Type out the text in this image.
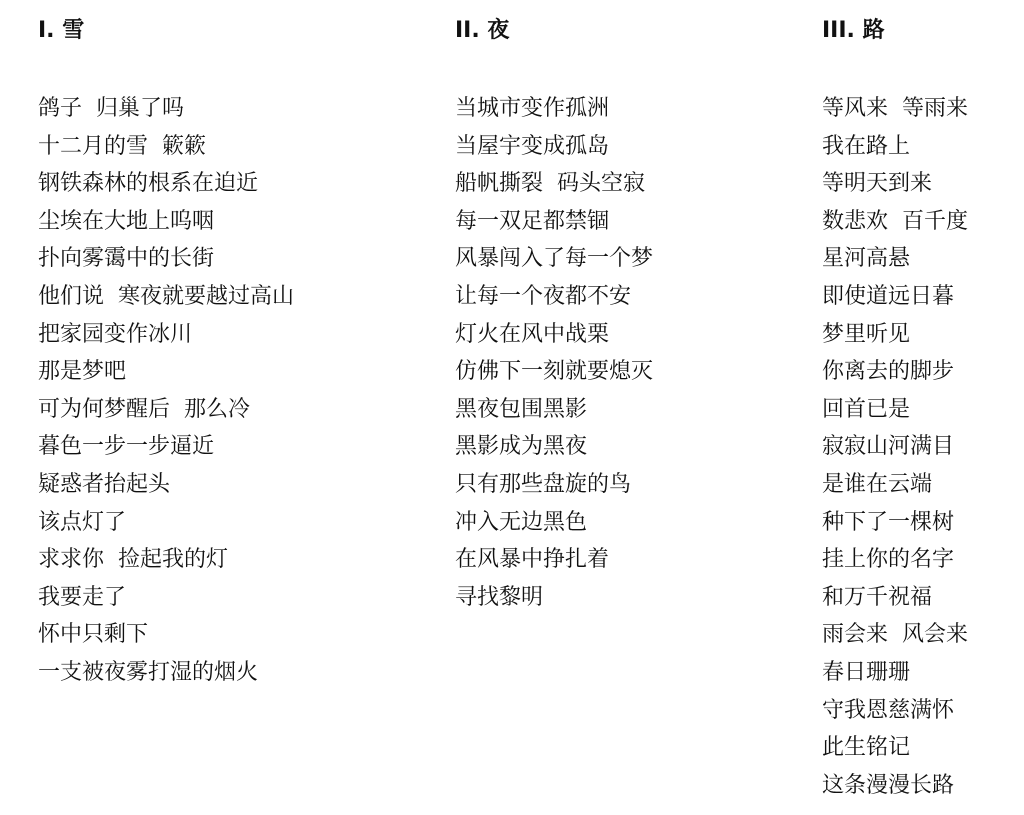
I. 雪
鸽子  归巢了吗
十二月的雪  簌簌
钢铁森林的根系在迫近
尘埃在大地上呜咽
扑向雾霭中的长街
他们说  寒夜就要越过高山
把家园变作冰川
那是梦吧
可为何梦醒后  那么冷
暮色一步一步逼近
疑惑者抬起头
该点灯了
求求你  捡起我的灯
我要走了
怀中只剩下
一支被夜雾打湿的烟火
II. 夜
当城市变作孤洲
当屋宇变成孤岛
船帆撕裂  码头空寂
每一双足都禁锢
风暴闯入了每一个梦
让每一个夜都不安
灯火在风中战栗
仿佛下一刻就要熄灭
黑夜包围黑影
黑影成为黑夜
只有那些盘旋的鸟
冲入无边黑色
在风暴中挣扎着
寻找黎明
III. 路
等风来  等雨来
我在路上
等明天到来
数悲欢  百千度
星河高悬
即使道远日暮
梦里听见
你离去的脚步
回首已是
寂寂山河满目
是谁在云端
种下了一棵树
挂上你的名字
和万千祝福
雨会来  风会来
春日珊珊
守我恩慈满怀
此生铭记
这条漫漫长路
